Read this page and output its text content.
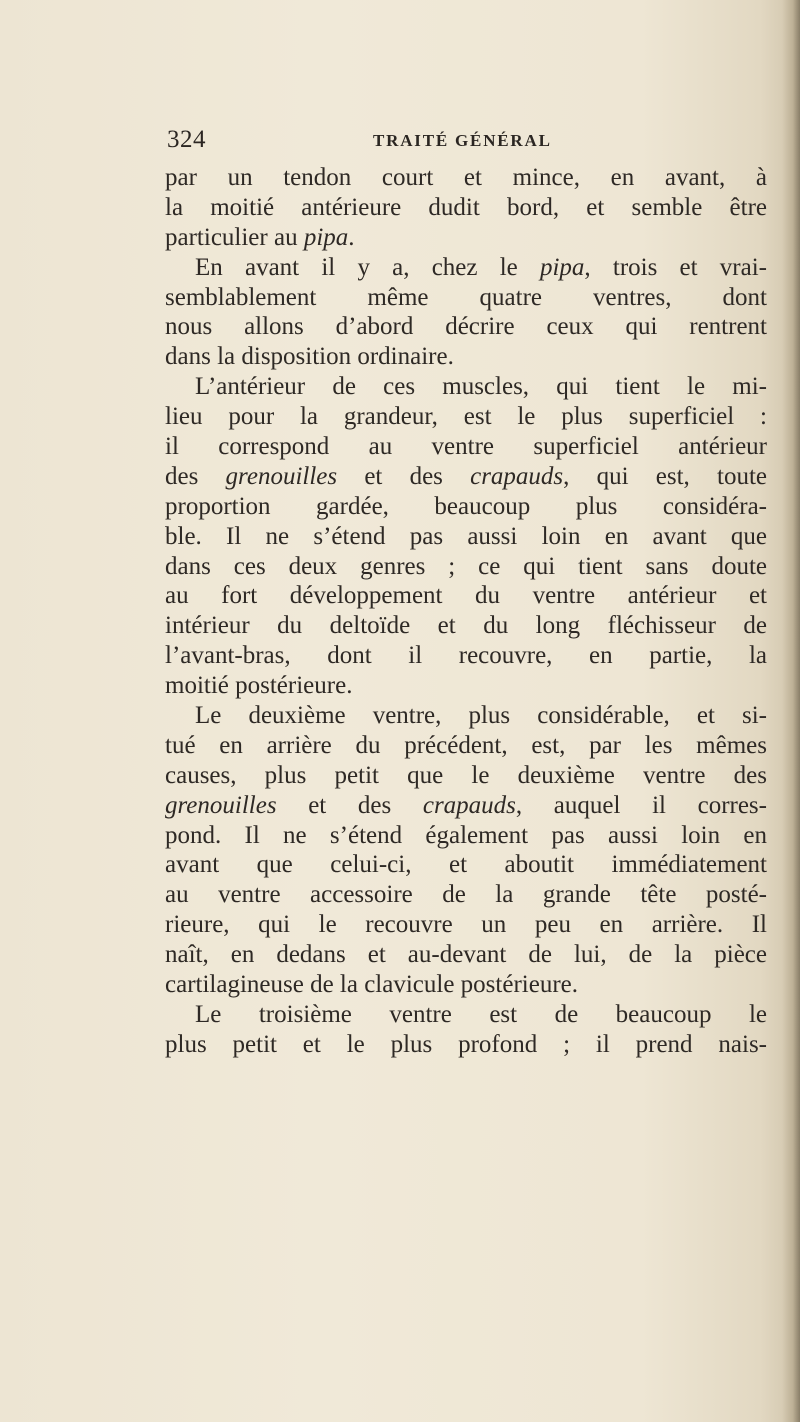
324	TRAITÉ GÉNÉRAL
par un tendon court et mince, en avant, à
la moitié antérieure dudit bord, et semble être
particulier au pipa.
En avant il y a, chez le pipa, trois et vrai-
semblablement même quatre ventres, dont
nous allons d’abord décrire ceux qui rentrent
dans la disposition ordinaire.
L’antérieur de ces muscles, qui tient le mi-
lieu pour la grandeur, est le plus superficiel :
il correspond au ventre superficiel antérieur
des grenouilles et des crapauds, qui est, toute
proportion gardée, beaucoup plus considéra-
ble. Il ne s’étend pas aussi loin en avant que
dans ces deux genres ; ce qui tient sans doute
au fort développement du ventre antérieur et
intérieur du deltoïde et du long fléchisseur de
l’avant-bras, dont il recouvre, en partie, la
moitié postérieure.
Le deuxième ventre, plus considérable, et si-
tué en arrière du précédent, est, par les mêmes
causes, plus petit que le deuxième ventre des
grenouilles et des crapauds, auquel il corres-
pond. Il ne s’étend également pas aussi loin en
avant que celui-ci, et aboutit immédiatement
au ventre accessoire de la grande tête posté-
rieure, qui le recouvre un peu en arrière. Il
naît, en dedans et au-devant de lui, de la pièce
cartilagineuse de la clavicule postérieure.
Le troisième ventre est de beaucoup le
plus petit et le plus profond ; il prend nais-
